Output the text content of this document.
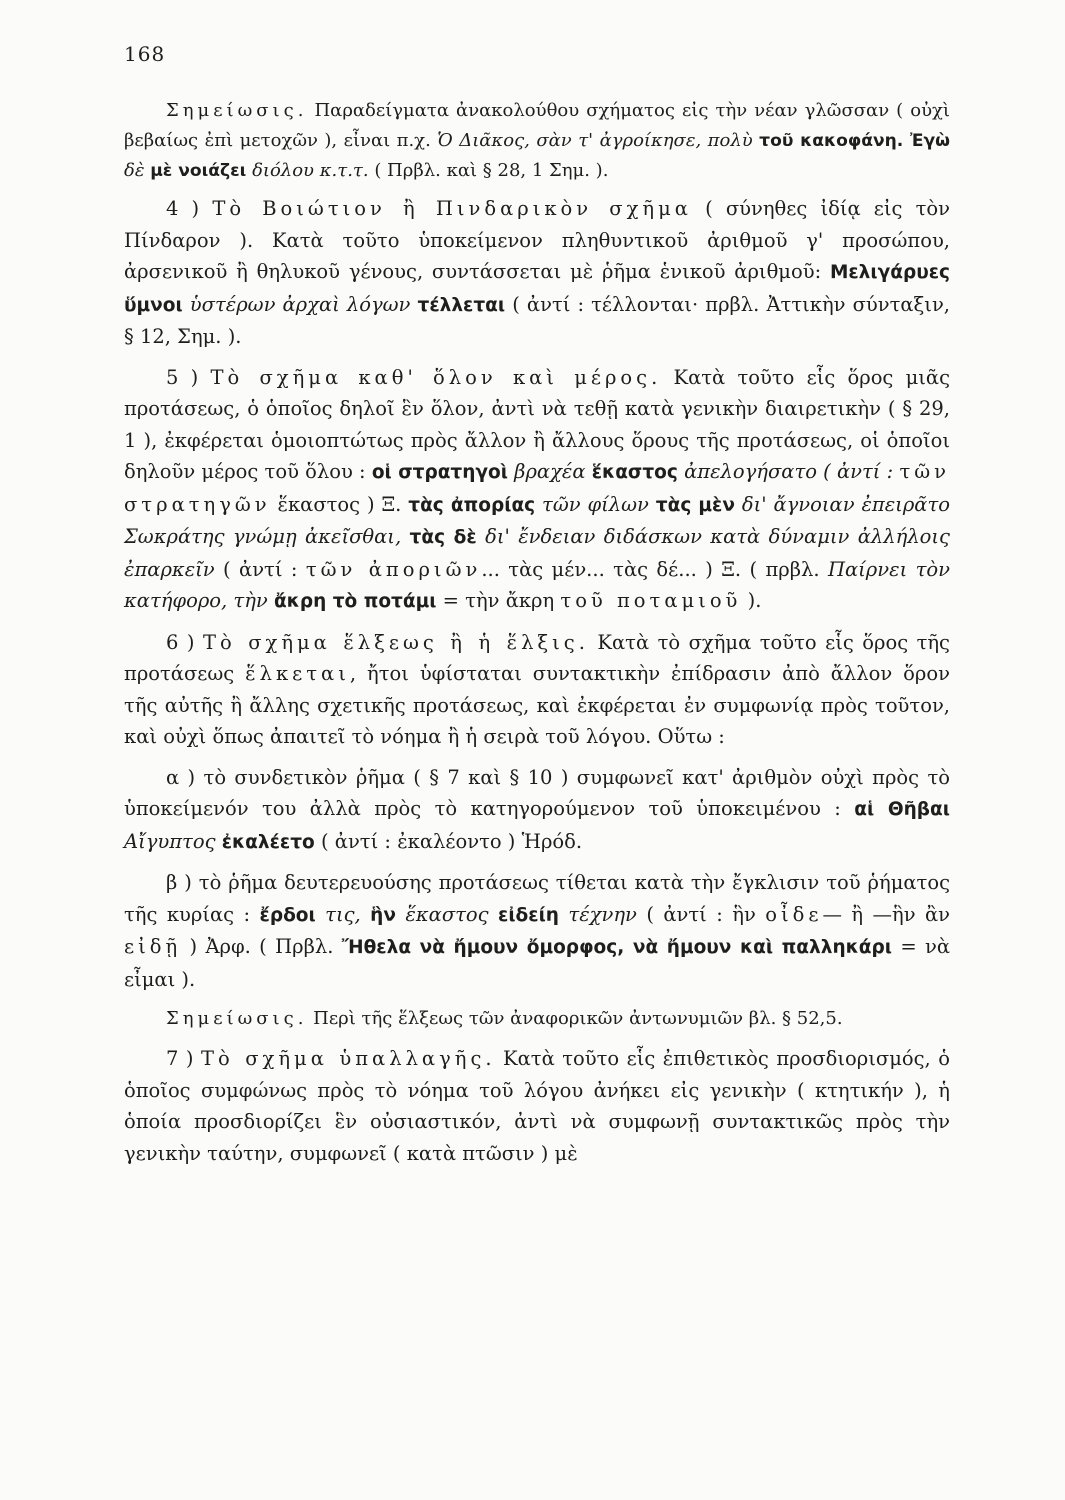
168

Σημείωσις. Παραδείγματα ἀνακολούθου σχήματος εἰς τὴν νέαν γλῶσσαν ( οὐχὶ βεβαίως ἐπὶ μετοχῶν ), εἶναι π.χ. Ὁ Διᾶκος, σὰν τ' ἀγροίκησε, πολὺ τοῦ κακοφάνη. Ἐγὼ δὲ μὲ νοιάζει διόλου κ.τ.τ. ( Πρβλ. καὶ § 28, 1 Σημ. ).

4 ) Τὸ Βοιώτιον ἢ Πινδαρικὸν σχῆμα ( σύνηθες ἰδίᾳ εἰς τὸν Πίνδαρον ). Κατὰ τοῦτο ὑποκείμενον πληθυντικοῦ ἀριθμοῦ γ' προσώπου, ἀρσενικοῦ ἢ θηλυκοῦ γένους, συντάσσεται μὲ ῥῆμα ἑνικοῦ ἀριθμοῦ: Μελιγάρυες ὕμνοι ὑστέρων ἀρχαὶ λόγων τέλλεται ( ἀντί : τέλλονται· πρβλ. Ἀττικὴν σύνταξιν, § 12, Σημ. ).

5 ) Τὸ σχῆμα καθ' ὅλον καὶ μέρος. Κατὰ τοῦτο εἷς ὅρος μιᾶς προτάσεως, ὁ ὁποῖος δηλοῖ ἓν ὅλον, ἀντὶ νὰ τεθῇ κατὰ γενικὴν διαιρετικὴν ( § 29, 1 ), ἐκφέρεται ὁμοιοπτώτως πρὸς ἄλλον ἢ ἄλλους ὅρους τῆς προτάσεως, οἱ ὁποῖοι δηλοῦν μέρος τοῦ ὅλου : οἱ στρατηγοὶ βραχέα ἕκαστος ἀπελογήσατο ( ἀντί : τῶν στρατηγῶν ἕκαστος ) Ξ. τὰς ἀπορίας τῶν φίλων τὰς μὲν δι' ἄγνοιαν ἐπειρᾶτο Σωκράτης γνώμῃ ἀκεῖσθαι, τὰς δὲ δι' ἔνδειαν διδάσκων κατὰ δύναμιν ἀλλήλοις ἐπαρκεῖν ( ἀντί : τῶν ἀποριῶν... τὰς μέν... τὰς δέ... ) Ξ. ( πρβλ. Παίρνει τὸν κατήφορο, τὴν ἄκρη τὸ ποτάμι = τὴν ἄκρη τοῦ ποταμιοῦ ).

6 ) Τὸ σχῆμα ἕλξεως ἢ ἡ ἕλξις. Κατὰ τὸ σχῆμα τοῦτο εἷς ὅρος τῆς προτάσεως ἕλκεται, ἤτοι ὑφίσταται συντακτικὴν ἐπίδρασιν ἀπὸ ἄλλον ὅρον τῆς αὐτῆς ἢ ἄλλης σχετικῆς προτάσεως, καὶ ἐκφέρεται ἐν συμφωνίᾳ πρὸς τοῦτον, καὶ οὐχὶ ὅπως ἀπαιτεῖ τὸ νόημα ἢ ἡ σειρὰ τοῦ λόγου. Οὕτω :

α ) τὸ συνδετικὸν ῥῆμα ( § 7 καὶ § 10 ) συμφωνεῖ κατ' ἀριθμὸν οὐχὶ πρὸς τὸ ὑποκείμενόν του ἀλλὰ πρὸς τὸ κατηγορούμενον τοῦ ὑποκειμένου : αἱ Θῆβαι Αἴγυπτος ἐκαλέετο ( ἀντί : ἐκαλέοντο ) Ἡρόδ.

β ) τὸ ῥῆμα δευτερευούσης προτάσεως τίθεται κατὰ τὴν ἔγκλισιν τοῦ ῥήματος τῆς κυρίας : ἔρδοι τις, ἣν ἕκαστος εἰδείη τέχνην ( ἀντί : ἣν οἶδε— ἢ —ἣν ἂν εἰδῇ ) Ἀρφ. ( Πρβλ. Ἤθελα νὰ ἤμουν ὄμορφος, νὰ ἤμουν καὶ παλληκάρι = νὰ εἶμαι ).

Σημείωσις. Περὶ τῆς ἕλξεως τῶν ἀναφορικῶν ἀντωνυμιῶν βλ. § 52,5.

7 ) Τὸ σχῆμα ὑπαλλαγῆς. Κατὰ τοῦτο εἷς ἐπιθετικὸς προσδιορισμός, ὁ ὁποῖος συμφώνως πρὸς τὸ νόημα τοῦ λόγου ἀνήκει εἰς γενικὴν ( κτητικήν ), ἡ ὁποία προσδιορίζει ἓν οὐσιαστικόν, ἀντὶ νὰ συμφωνῇ συντακτικῶς πρὸς τὴν γενικὴν ταύτην, συμφωνεῖ ( κατὰ πτῶσιν ) μὲ
